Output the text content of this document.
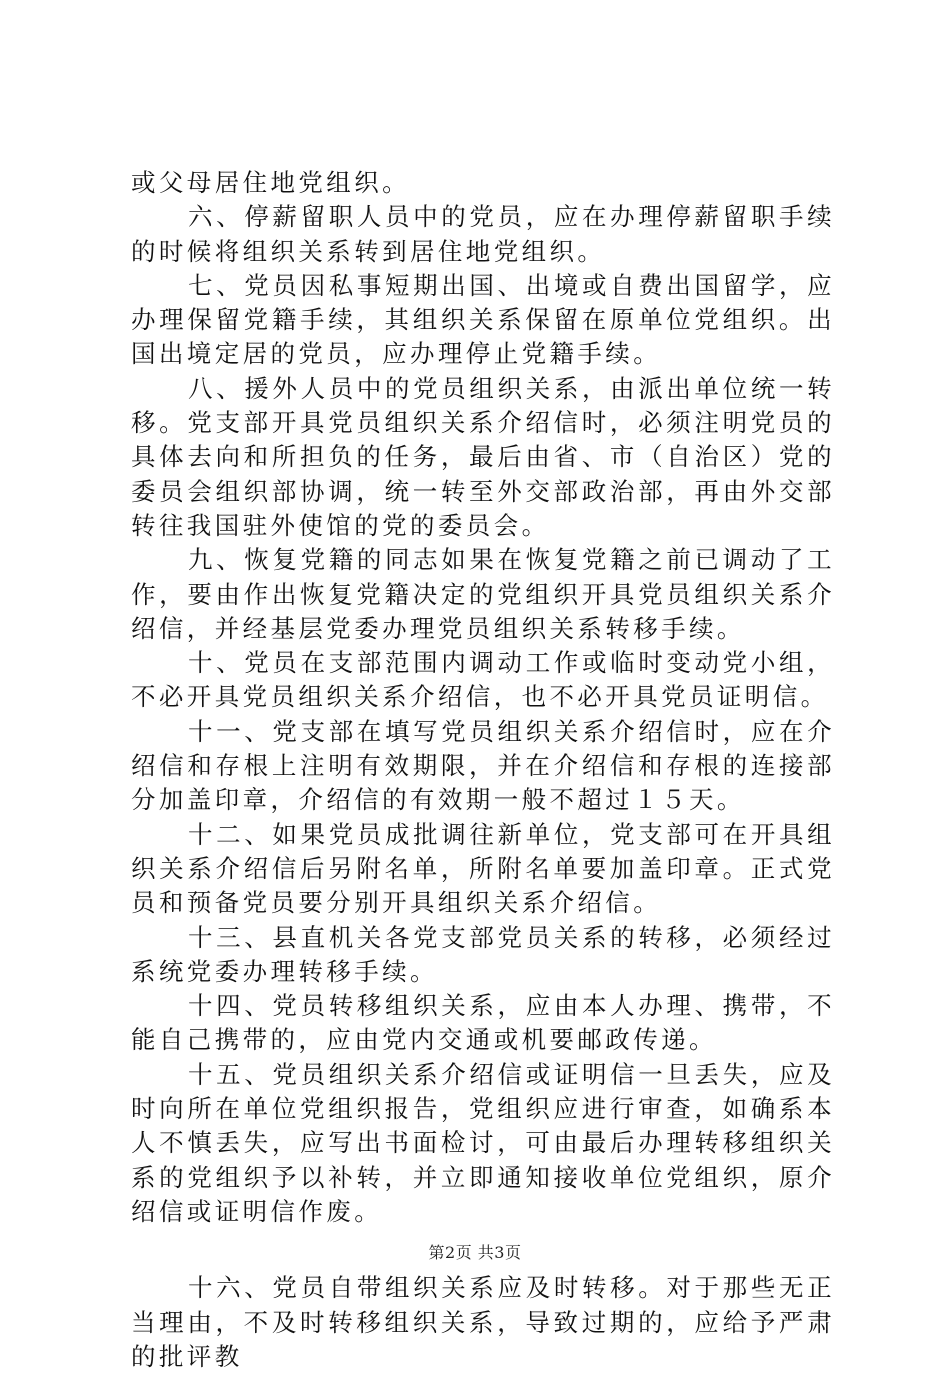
或父母居住地党组织。

六、停薪留职人员中的党员，应在办理停薪留职手续的时候将组织关系转到居住地党组织。

七、党员因私事短期出国、出境或自费出国留学，应办理保留党籍手续，其组织关系保留在原单位党组织。出国出境定居的党员，应办理停止党籍手续。

八、援外人员中的党员组织关系，由派出单位统一转移。党支部开具党员组织关系介绍信时，必须注明党员的具体去向和所担负的任务，最后由省、市（自治区）党的委员会组织部协调，统一转至外交部政治部，再由外交部转往我国驻外使馆的党的委员会。

九、恢复党籍的同志如果在恢复党籍之前已调动了工作，要由作出恢复党籍决定的党组织开具党员组织关系介绍信，并经基层党委办理党员组织关系转移手续。

十、党员在支部范围内调动工作或临时变动党小组，不必开具党员组织关系介绍信，也不必开具党员证明信。

十一、党支部在填写党员组织关系介绍信时，应在介绍信和存根上注明有效期限，并在介绍信和存根的连接部分加盖印章，介绍信的有效期一般不超过１５天。

十二、如果党员成批调往新单位，党支部可在开具组织关系介绍信后另附名单，所附名单要加盖印章。正式党员和预备党员要分别开具组织关系介绍信。

十三、县直机关各党支部党员关系的转移，必须经过系统党委办理转移手续。

十四、党员转移组织关系，应由本人办理、携带，不能自己携带的，应由党内交通或机要邮政传递。

十五、党员组织关系介绍信或证明信一旦丢失，应及时向所在单位党组织报告，党组织应进行审查，如确系本人不慎丢失，应写出书面检讨，可由最后办理转移组织关系的党组织予以补转，并立即通知接收单位党组织，原介绍信或证明信作废。

十六、党员自带组织关系应及时转移。对于那些无正当理由，不及时转移组织关系，导致过期的，应给予严肃的批评教

第2页 共3页
